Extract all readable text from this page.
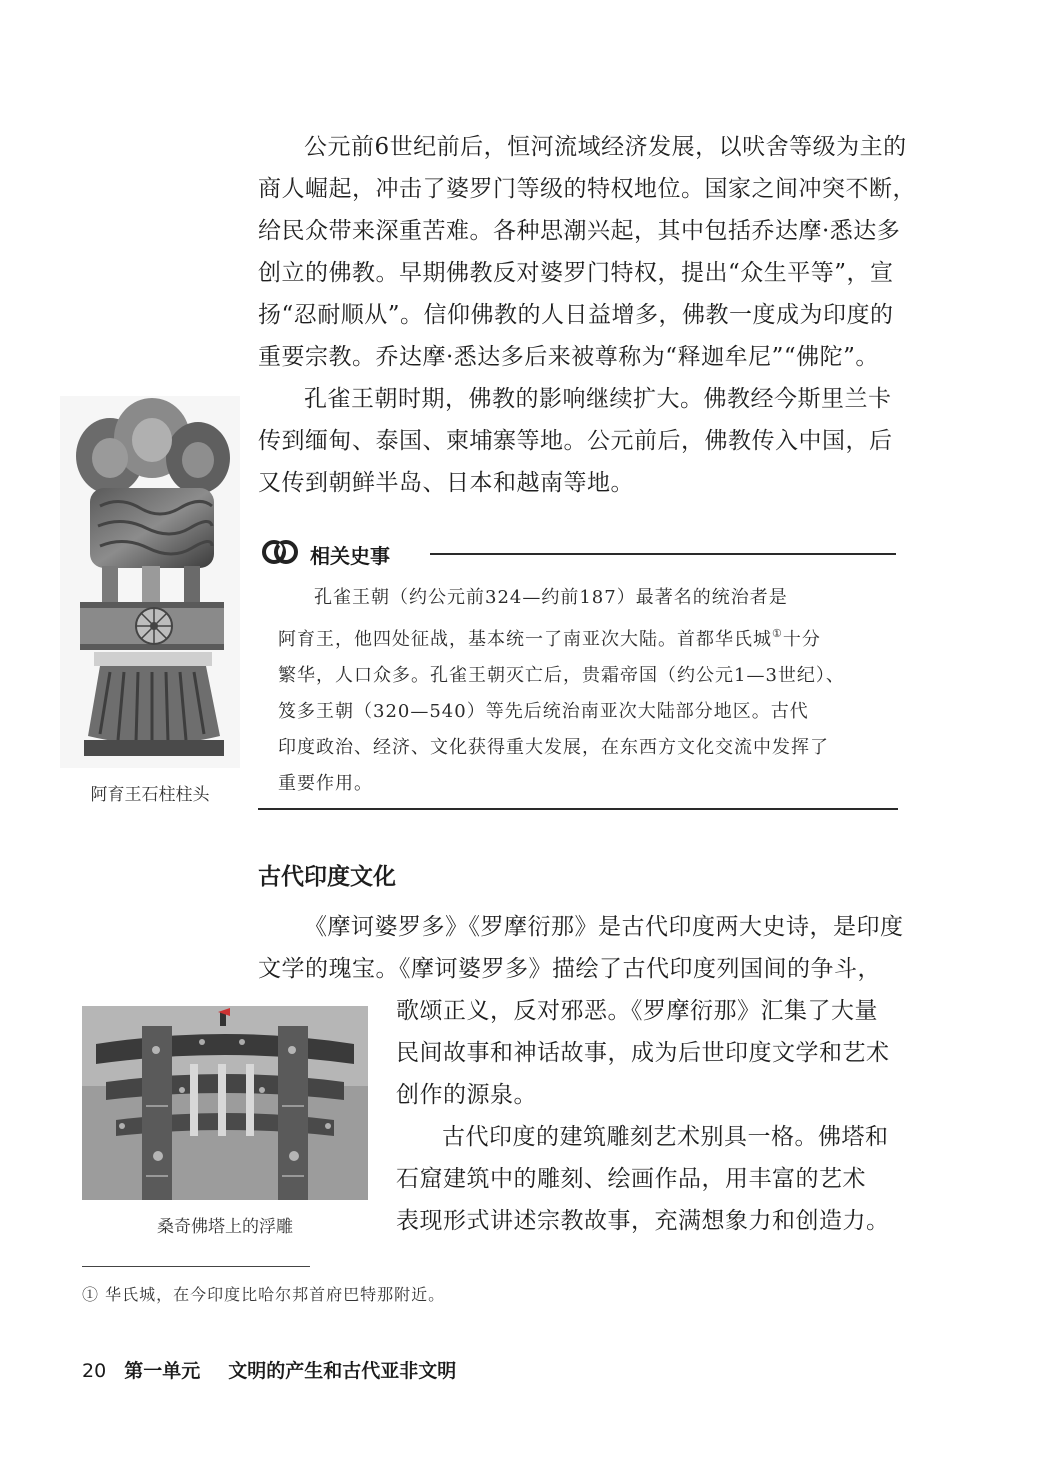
公元前6世纪前后，恒河流域经济发展，以吠舍等级为主的
商人崛起，冲击了婆罗门等级的特权地位。国家之间冲突不断，
给民众带来深重苦难。各种思潮兴起，其中包括乔达摩·悉达多
创立的佛教。早期佛教反对婆罗门特权，提出“众生平等”，宣
扬“忍耐顺从”。信仰佛教的人日益增多，佛教一度成为印度的
重要宗教。乔达摩·悉达多后来被尊称为“释迦牟尼”“佛陀”。
孔雀王朝时期，佛教的影响继续扩大。佛教经今斯里兰卡
传到缅甸、泰国、柬埔寨等地。公元前后，佛教传入中国，后
又传到朝鲜半岛、日本和越南等地。
阿育王石柱柱头
相关史事
孔雀王朝（约公元前324—约前187）最著名的统治者是
阿育王，他四处征战，基本统一了南亚次大陆。首都华氏城①十分
繁华，人口众多。孔雀王朝灭亡后，贵霜帝国（约公元1—3世纪）、
笈多王朝（320—540）等先后统治南亚次大陆部分地区。古代
印度政治、经济、文化获得重大发展，在东西方文化交流中发挥了
重要作用。
古代印度文化
《摩诃婆罗多》《罗摩衍那》是古代印度两大史诗，是印度
文学的瑰宝。《摩诃婆罗多》描绘了古代印度列国间的争斗，
歌颂正义，反对邪恶。《罗摩衍那》汇集了大量
民间故事和神话故事，成为后世印度文学和艺术
创作的源泉。
古代印度的建筑雕刻艺术别具一格。佛塔和
石窟建筑中的雕刻、绘画作品，用丰富的艺术
表现形式讲述宗教故事，充满想象力和创造力。
桑奇佛塔上的浮雕
① 华氏城，在今印度比哈尔邦首府巴特那附近。
20 第一单元 文明的产生和古代亚非文明
